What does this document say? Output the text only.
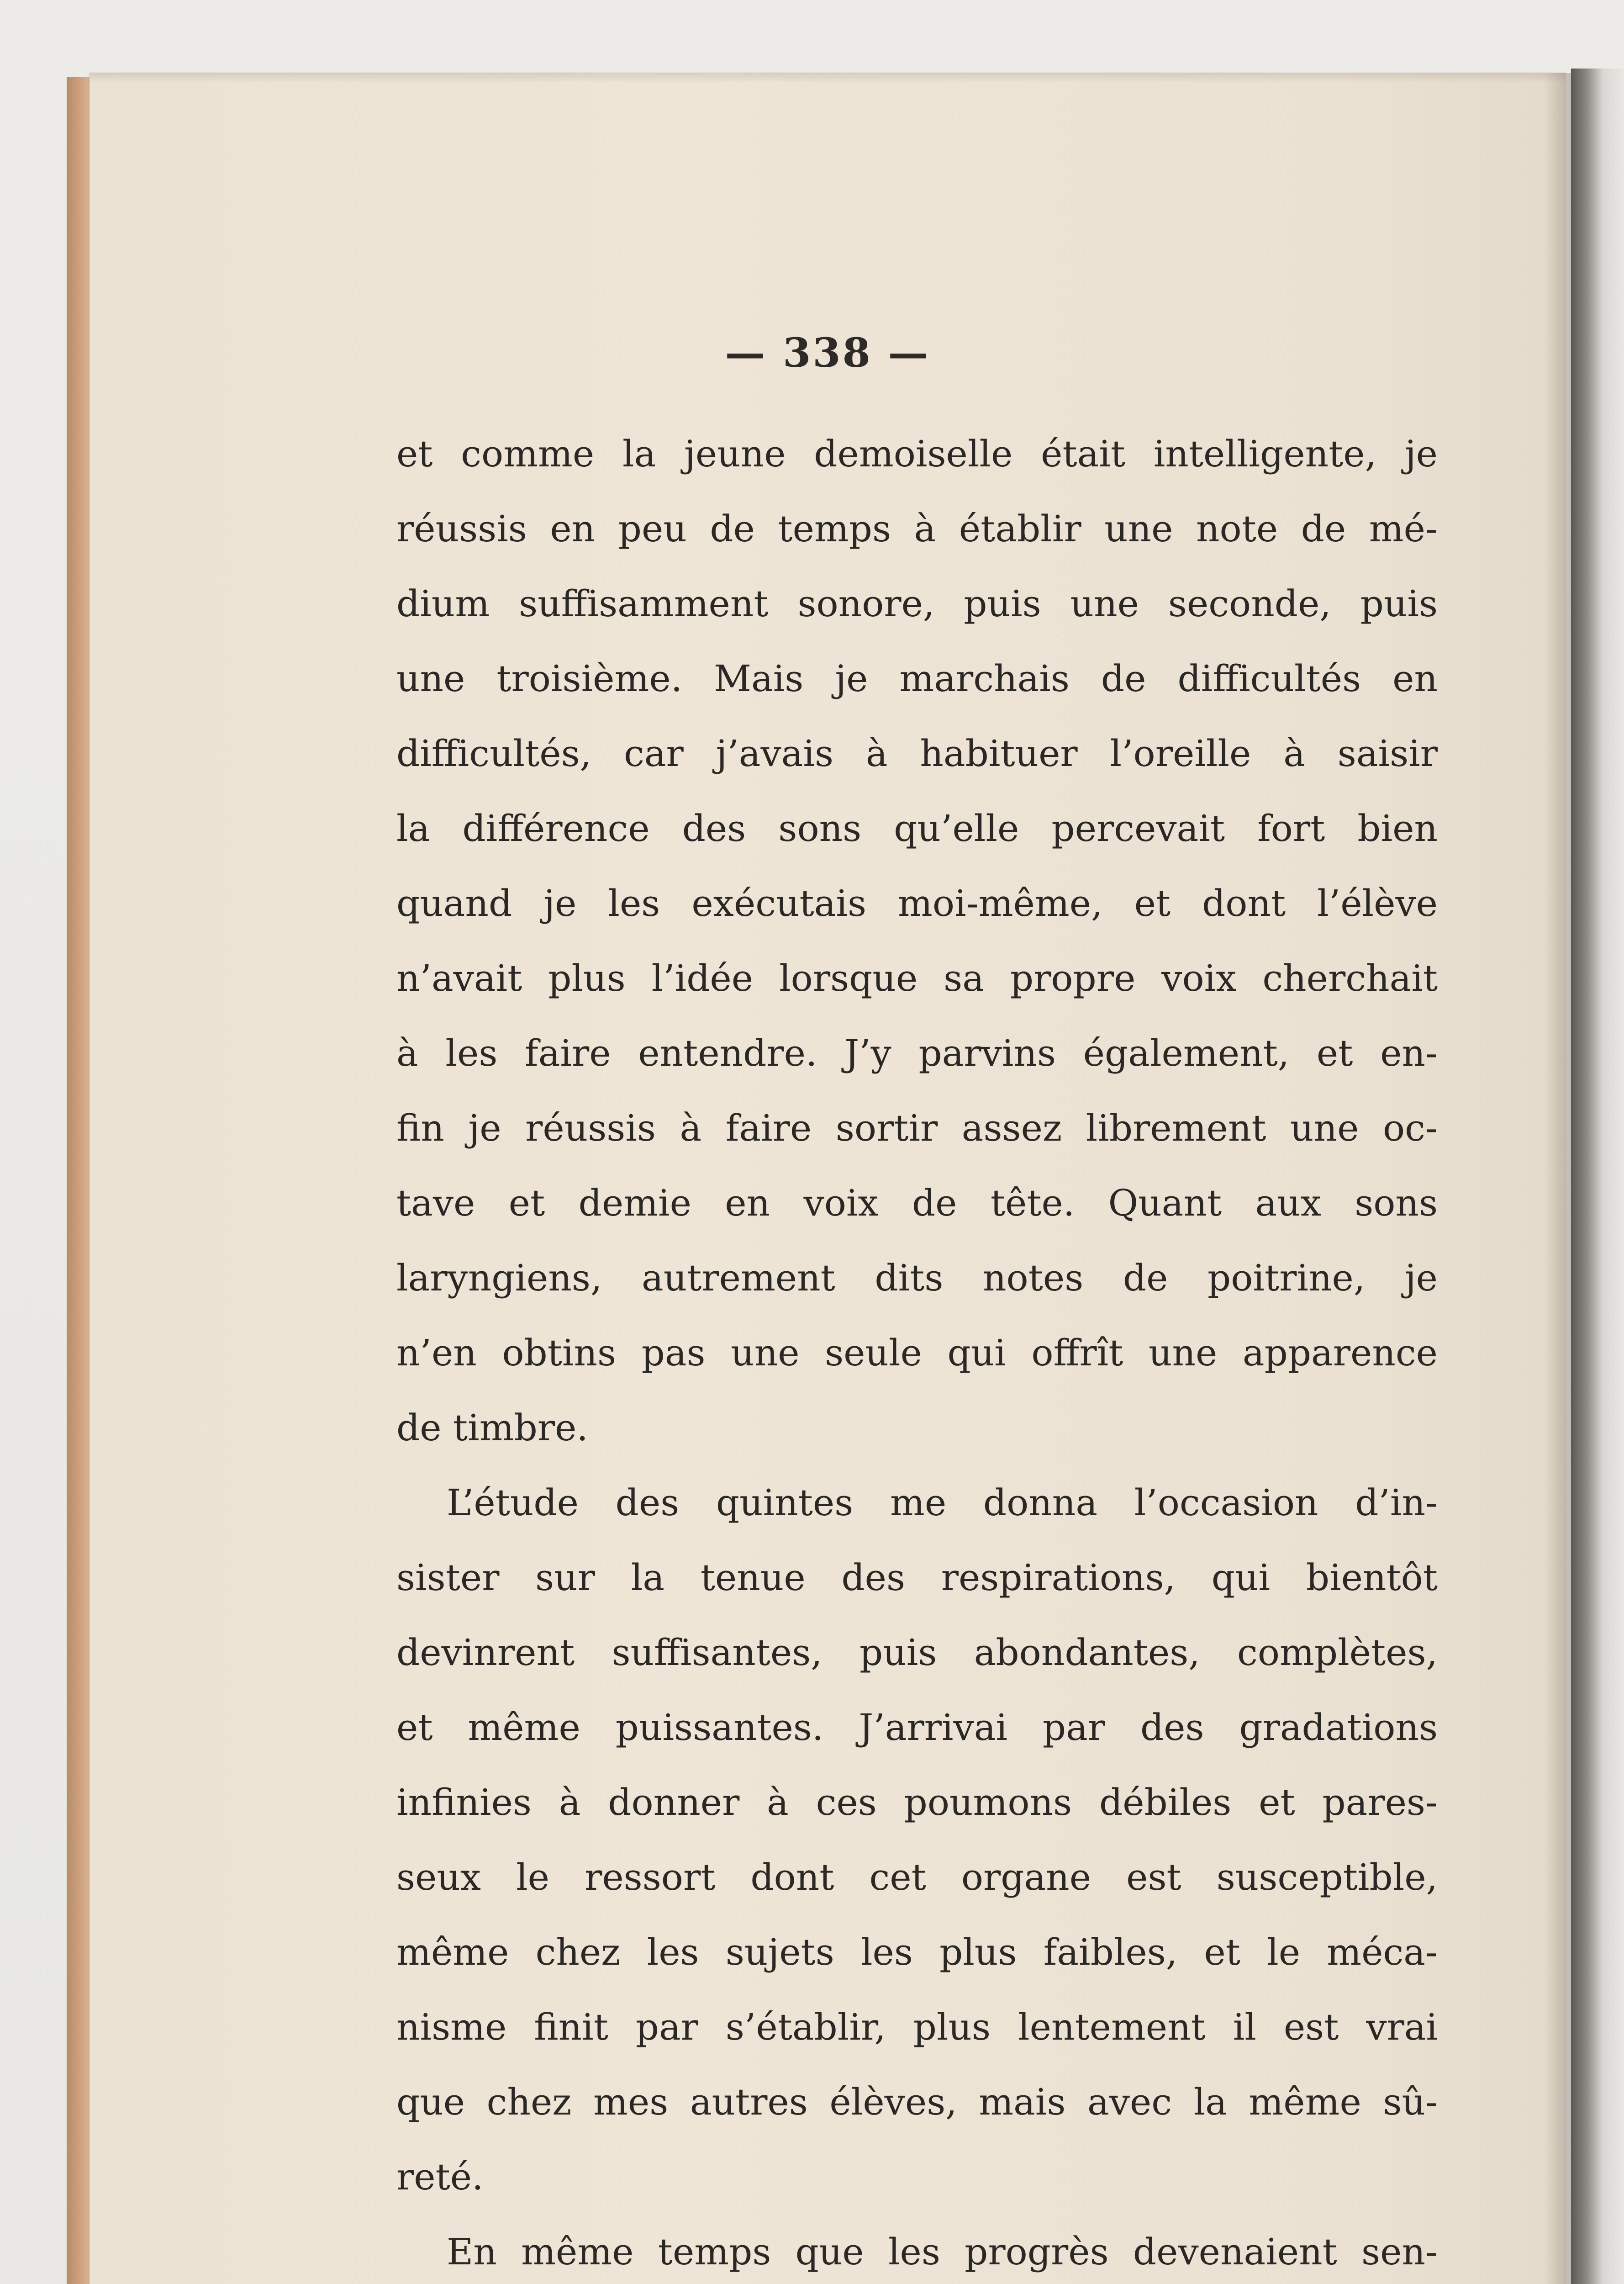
— 338 —
et comme la jeune demoiselle était intelligente, je
réussis en peu de temps à établir une note de mé-
dium suffisamment sonore, puis une seconde, puis
une troisième. Mais je marchais de difficultés en
difficultés, car j’avais à habituer l’oreille à saisir
la différence des sons qu’elle percevait fort bien
quand je les exécutais moi-même, et dont l’élève
n’avait plus l’idée lorsque sa propre voix cherchait
à les faire entendre. J’y parvins également, et en-
fin je réussis à faire sortir assez librement une oc-
tave et demie en voix de tête. Quant aux sons
laryngiens, autrement dits notes de poitrine, je
n’en obtins pas une seule qui offrît une apparence
de timbre.
L’étude des quintes me donna l’occasion d’in-
sister sur la tenue des respirations, qui bientôt
devinrent suffisantes, puis abondantes, complètes,
et même puissantes. J’arrivai par des gradations
infinies à donner à ces poumons débiles et pares-
seux le ressort dont cet organe est susceptible,
même chez les sujets les plus faibles, et le méca-
nisme finit par s’établir, plus lentement il est vrai
que chez mes autres élèves, mais avec la même sû-
reté.
En même temps que les progrès devenaient sen-
